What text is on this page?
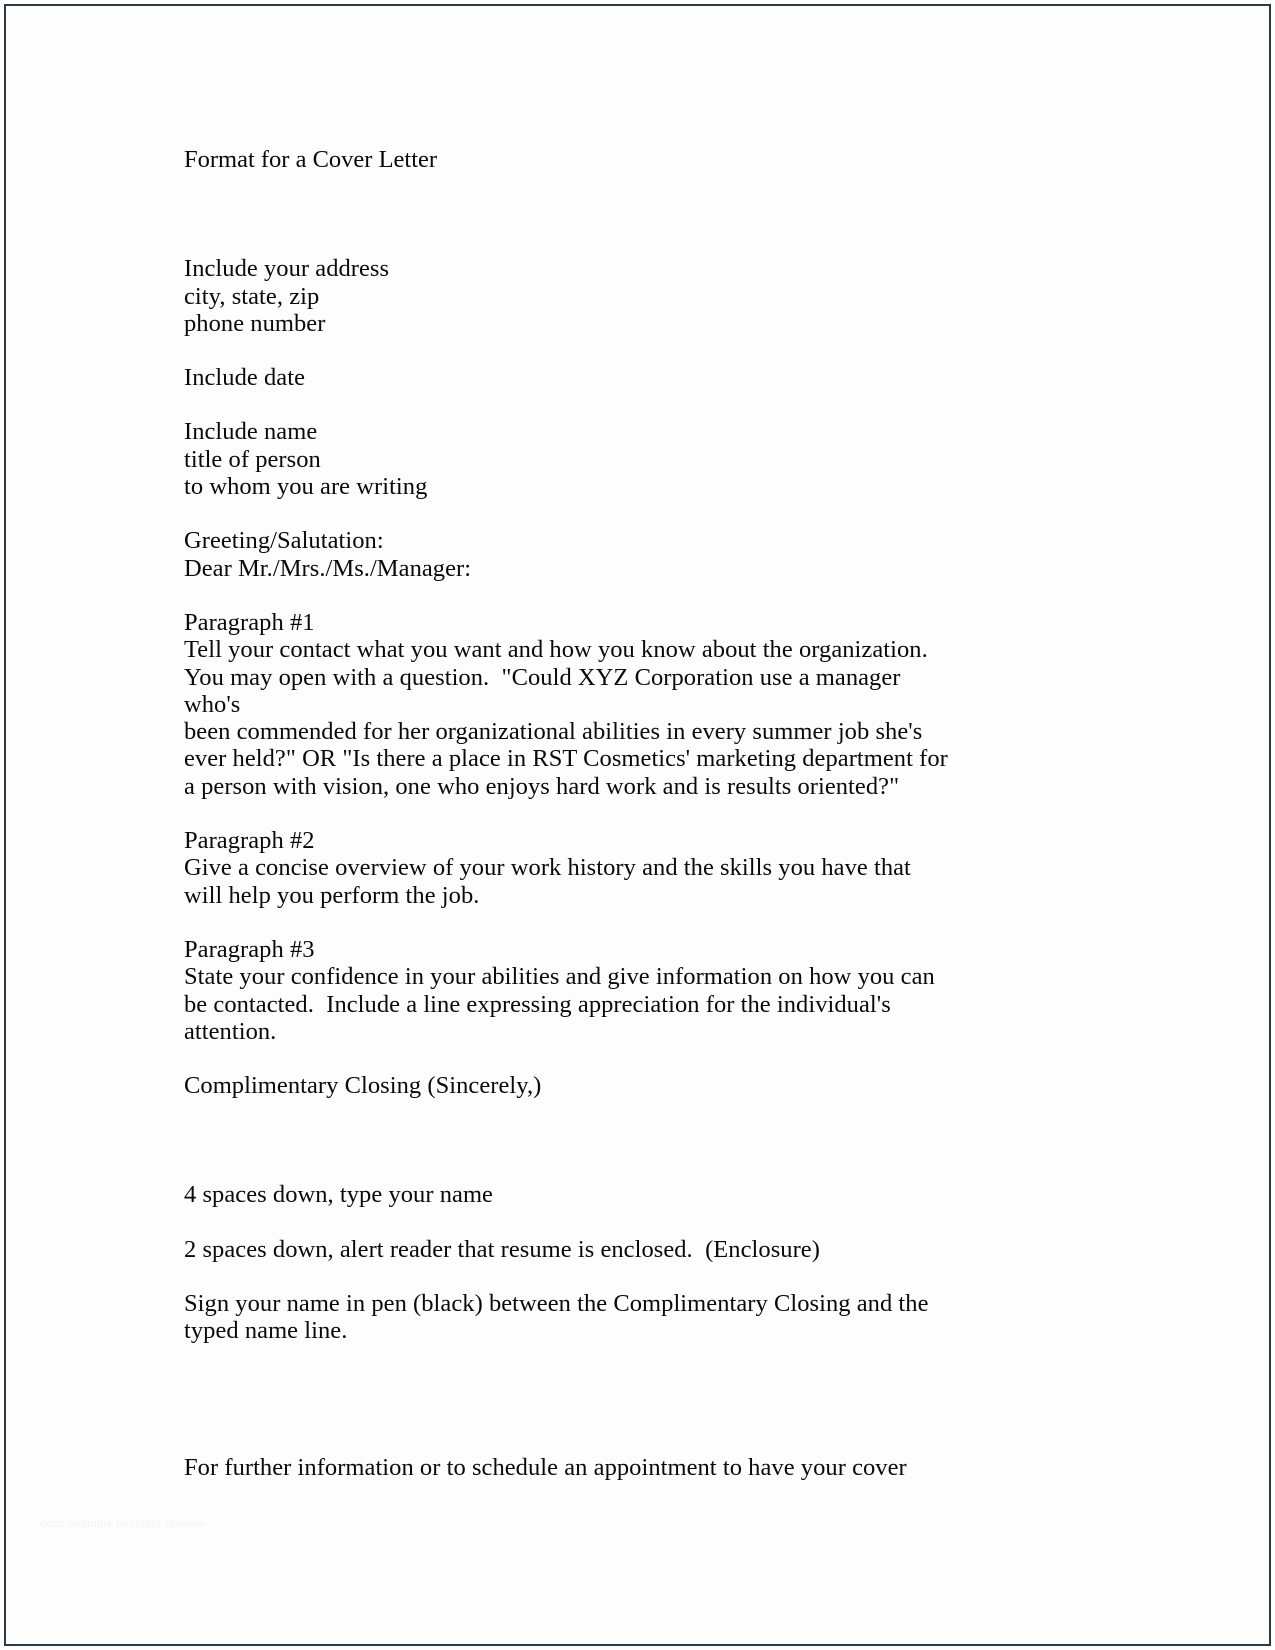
Format for a Cover Letter
Include your address
city, state, zip
phone number
Include date
Include name
title of person
to whom you are writing
Greeting/Salutation:
Dear Mr./Mrs./Ms./Manager:
Paragraph #1
Tell your contact what you want and how you know about the organization.
You may open with a question.  "Could XYZ Corporation use a manager who's
been commended for her organizational abilities in every summer job she's
ever held?" OR "Is there a place in RST Cosmetics' marketing department for
a person with vision, one who enjoys hard work and is results oriented?"
Paragraph #2
Give a concise overview of your work history and the skills you have that
will help you perform the job.
Paragraph #3
State your confidence in your abilities and give information on how you can
be contacted.  Include a line expressing appreciation for the individual's
attention.
Complimentary Closing (Sincerely,)
4 spaces down, type your name
2 spaces down, alert reader that resume is enclosed.  (Enclosure)
Sign your name in pen (black) between the Complimentary Closing and the
typed name line.
For further information or to schedule an appointment to have your cover
docs.example template preview
